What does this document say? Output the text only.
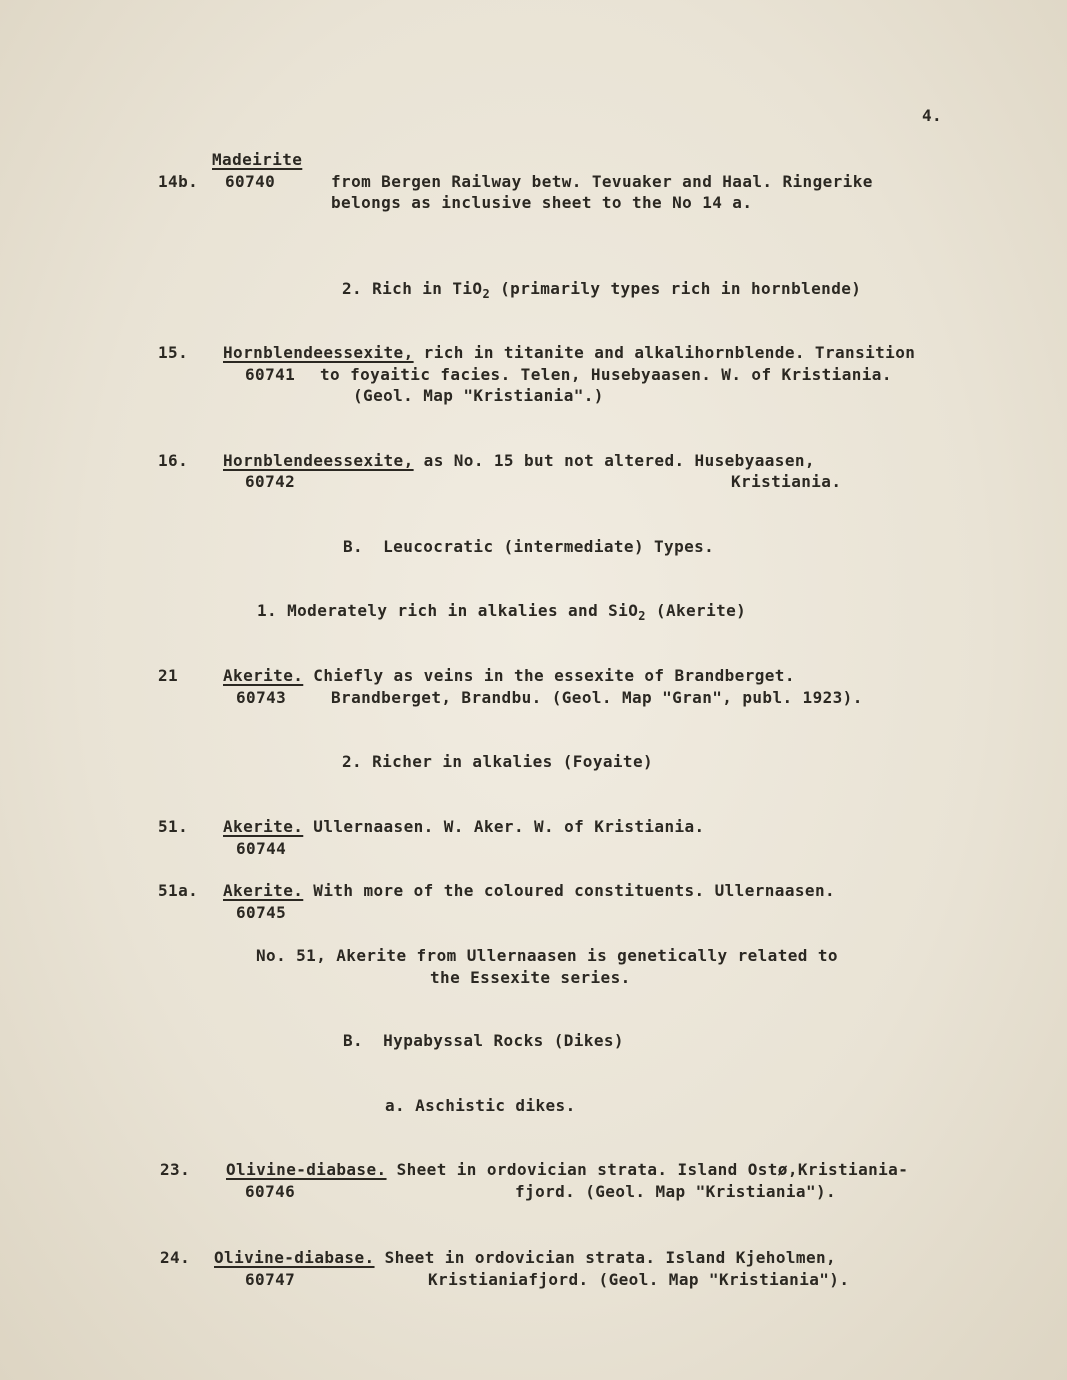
4.
Madeirite
14b. 60740	from Bergen Railway betw. Tevuaker and Haal. Ringerike
belongs as inclusive sheet to the No 14 a.
2. Rich in TiO$_2$ (primarily types rich in hornblende)
15. Hornblendeessexite, rich in titanite and alkalihornblende. Transition
60741 to foyaitic facies. Telen, Husebyaasen. W. of Kristiania.
(Geol. Map "Kristiania".)
16. Hornblendeessexite, as No. 15 but not altered. Husebyaasen,
60742	Kristiania.
B.  Leucocratic (intermediate) Types.
1. Moderately rich in alkalies and SiO$_2$ (Akerite)
21	Akerite. Chiefly as veins in the essexite of Brandberget.
60743	Brandberget, Brandbu. (Geol. Map "Gran", publ. 1923).
2. Richer in alkalies (Foyaite)
51. Akerite. Ullernaasen. W. Aker. W. of Kristiania.
60744
51a. Akerite. With more of the coloured constituents. Ullernaasen.
60745
No. 51, Akerite from Ullernaasen is genetically related to
the Essexite series.
B.  Hypabyssal Rocks (Dikes)
a. Aschistic dikes.
23. Olivine-diabase. Sheet in ordovician strata. Island Ostø,Kristiania-
60746	fjord. (Geol. Map "Kristiania").
24. Olivine-diabase. Sheet in ordovician strata. Island Kjeholmen,
60747	Kristianiafjord. (Geol. Map "Kristiania").
